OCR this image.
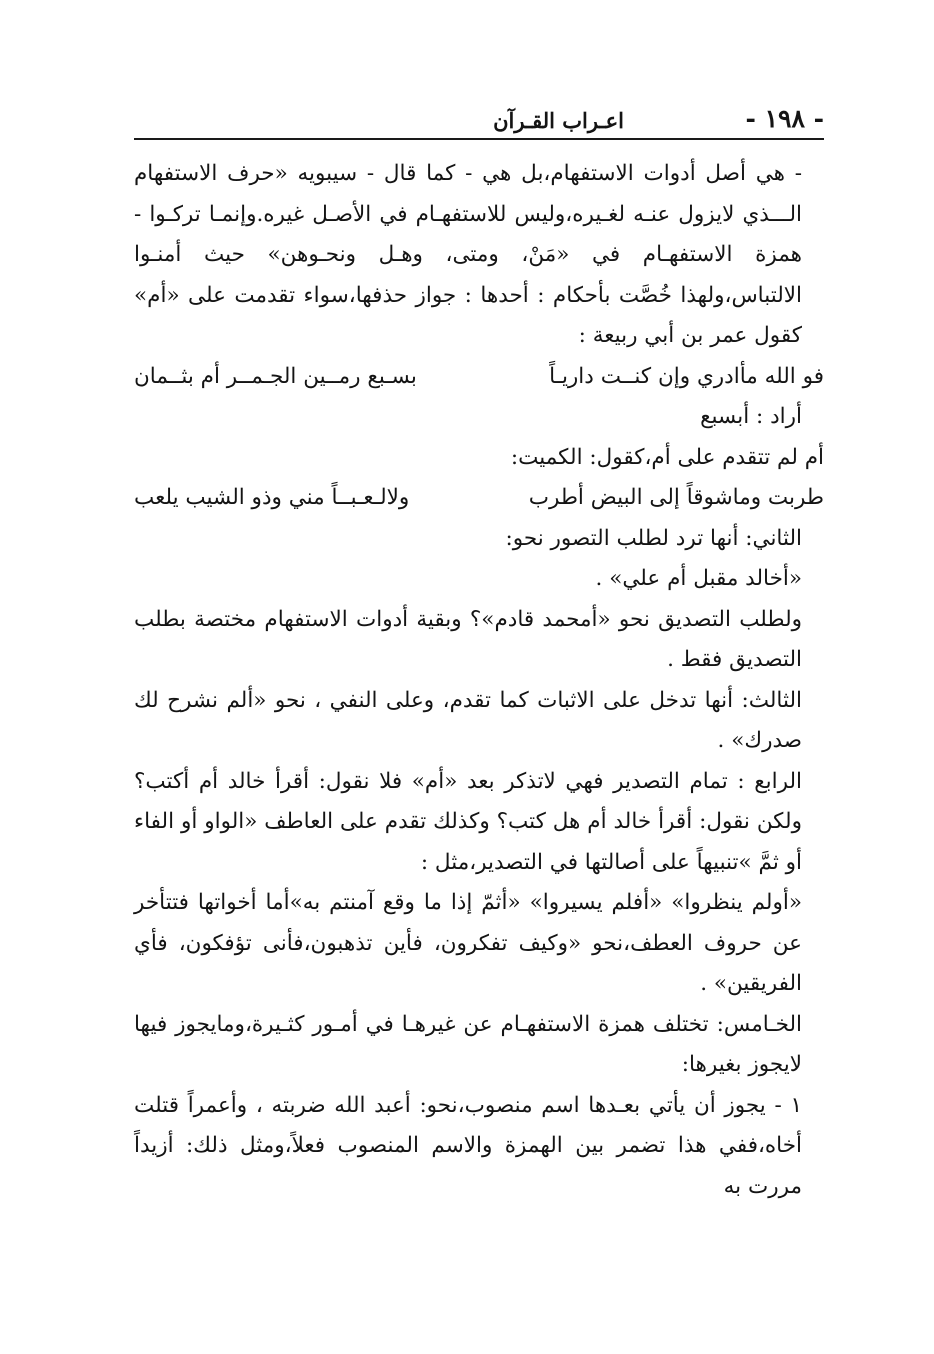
- ١٩٨ -
اعـراب القـرآن

- هي أصل أدوات الاستفهام،بل هي - كما قال - سيبويه «حرف الاستفهام الـــذي لايزول عنـه لغـيره،وليس للاستفهـام في الأصـل غيره.وإنمـا تركـوا - همزة الاستفهـام في «مَنْ، ومتى، وهـل ونحـوهن» حيث أمنـوا الالتباس،ولهذا خُصَّت بأحكام : أحدها : جواز حذفها،سواء تقدمت على «أم» كقول عمر بن أبي ربيعة :

فو الله مأادري وإن كنــت داريـاً
بسـبع رمــين الجـمــر أم بثــمان

أراد : أبسبع

أم لم تتقدم على أم،كقول: الكميت:

طربت وماشوقاً إلى البيض أطرب
ولالـعـبــاً مني وذو الشيب يلعب

الثاني: أنها ترد لطلب التصور نحو:

«أخالد مقبل أم علي» .

ولطلب التصديق نحو «أمحمد قادم»؟ وبقية أدوات الاستفهام مختصة بطلب التصديق فقط .

الثالث: أنها تدخل على الاثبات كما تقدم، وعلى النفي ، نحو «ألم نشرح لك صدرك» .

الرابع : تمام التصدير فهي لاتذكر بعد «أم» فلا نقول: أقرأ خالد أم أكتب؟ ولكن نقول: أقرأ خالد أم هل كتب؟ وكذلك تقدم على العاطف «الواو أو الفاء أو ثمَّ »تنبيهاً على أصالتها في التصدير،مثل :

«أولم ينظروا» «أفلم يسيروا» «أثمّ إذا ما وقع آمنتم به»أما أخواتها فتتأخر عن حروف العطف،نحو «وكيف تفكرون، فأين تذهبون،فأنى تؤفكون، فأي الفريقين» .

الخـامس: تختلف همزة الاستفهـام عن غيرهـا في أمـور كثـيرة،ومايجوز فيها لايجوز بغيرها:

١ - يجوز أن يأتي بعـدها اسم منصوب،نحو: أعبد الله ضربته ، وأعمراً قتلت أخاه،ففي هذا تضمر بين الهمزة والاسم المنصوب فعلاً،ومثل ذلك: أزيداً مررت به
